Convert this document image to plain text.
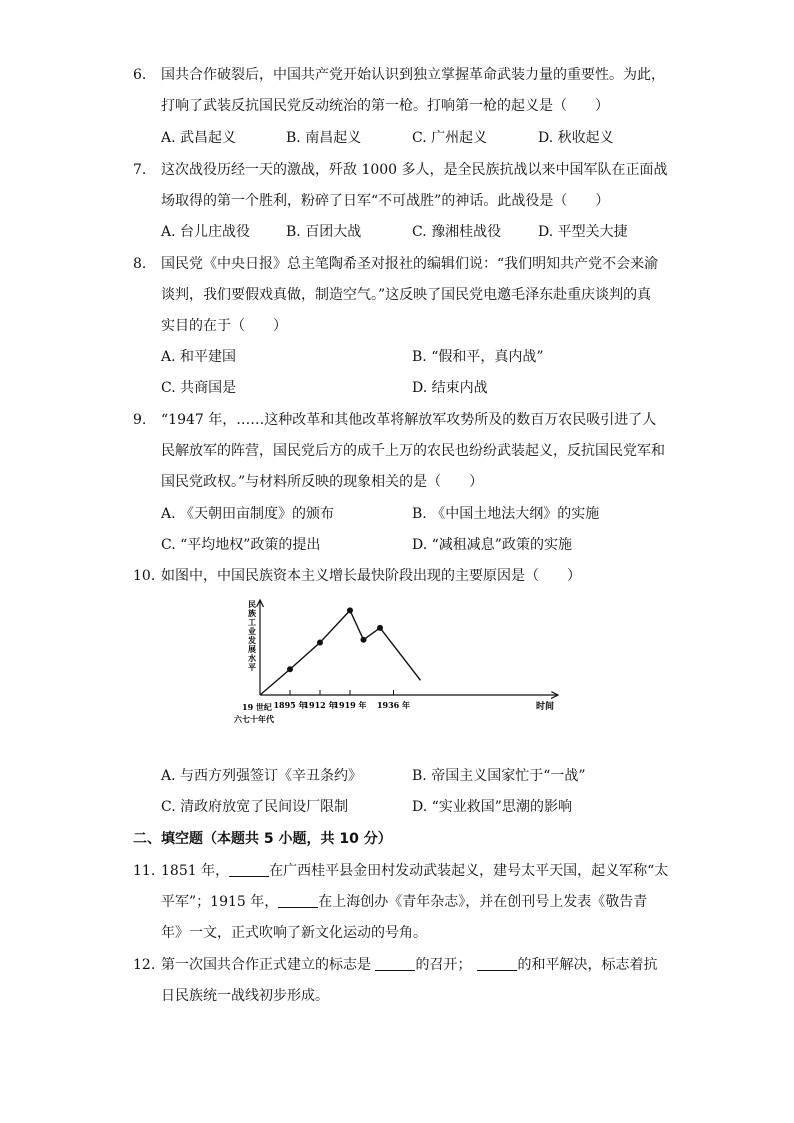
6.	国共合作破裂后，中国共产党开始认识到独立掌握革命武装力量的重要性。为此，
打响了武装反抗国民党反动统治的第一枪。打响第一枪的起义是（　　）
A. 武昌起义	B. 南昌起义	C. 广州起义	D. 秋收起义
7.	这次战役历经一天的激战，歼敌 1000 多人，是全民族抗战以来中国军队在正面战
场取得的第一个胜利，粉碎了日军“不可战胜”的神话。此战役是（　　）
A. 台儿庄战役	B. 百团大战	C. 豫湘桂战役	D. 平型关大捷
8.	国民党《中央日报》总主笔陶希圣对报社的编辑们说：“我们明知共产党不会来渝
谈判，我们要假戏真做，制造空气。”这反映了国民党电邀毛泽东赴重庆谈判的真
实目的在于（　　）
A. 和平建国	B. “假和平，真内战”
C. 共商国是	D. 结束内战
9.	“1947 年，……这种改革和其他改革将解放军攻势所及的数百万农民吸引进了人
民解放军的阵营，国民党后方的成千上万的农民也纷纷武装起义，反抗国民党军和
国民党政权。”与材料所反映的现象相关的是（　　）
A. 《天朝田亩制度》的颁布	B. 《中国土地法大纲》的实施
C. “平均地权”政策的提出	D. “减租减息”政策的实施
10. 如图中，中国民族资本主义增长最快阶段出现的主要原因是（　　）
民族工业发展水平
1895 年
1912 年
1919 年 1936 年	时间
19 世纪
六七十年代
A. 与西方列强签订《辛丑条约》	B. 帝国主义国家忙于“一战”
C. 清政府放宽了民间设厂限制	D. “实业救国”思潮的影响
二、填空题（本题共 5 小题，共 10 分）
11. 1851 年，	在广西桂平县金田村发动武装起义，建号太平天国，起义军称“太
平军”；1915 年，	在上海创办《青年杂志》，并在创刊号上发表《敬告青
年》一文，正式吹响了新文化运动的号角。
12. 第一次国共合作正式建立的标志是	的召开；	的和平解决，标志着抗
日民族统一战线初步形成。
